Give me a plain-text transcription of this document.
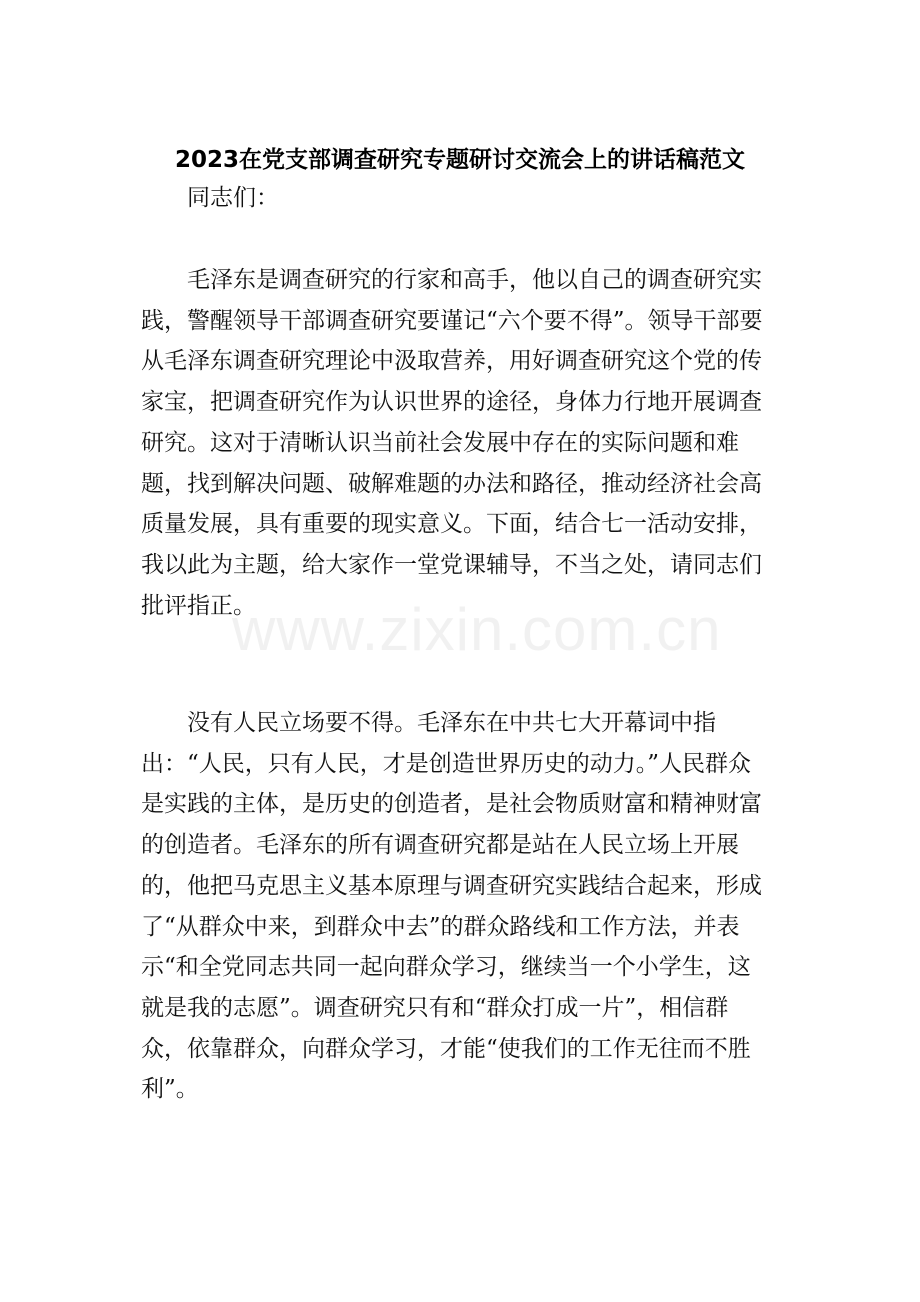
2023在党支部调查研究专题研讨交流会上的讲话稿范文

同志们：

毛泽东是调查研究的行家和高手，他以自己的调查研究实践，警醒领导干部调查研究要谨记“六个要不得”。领导干部要从毛泽东调查研究理论中汲取营养，用好调查研究这个党的传家宝，把调查研究作为认识世界的途径，身体力行地开展调查研究。这对于清晰认识当前社会发展中存在的实际问题和难题，找到解决问题、破解难题的办法和路径，推动经济社会高质量发展，具有重要的现实意义。下面，结合七一活动安排，我以此为主题，给大家作一堂党课辅导，不当之处，请同志们批评指正。

没有人民立场要不得。毛泽东在中共七大开幕词中指出：“人民，只有人民，才是创造世界历史的动力。”人民群众是实践的主体，是历史的创造者，是社会物质财富和精神财富的创造者。毛泽东的所有调查研究都是站在人民立场上开展的，他把马克思主义基本原理与调查研究实践结合起来，形成了“从群众中来，到群众中去”的群众路线和工作方法，并表示“和全党同志共同一起向群众学习，继续当一个小学生，这就是我的志愿”。调查研究只有和“群众打成一片”，相信群众，依靠群众，向群众学习，才能“使我们的工作无往而不胜利”。

www.zixin.com.cn
